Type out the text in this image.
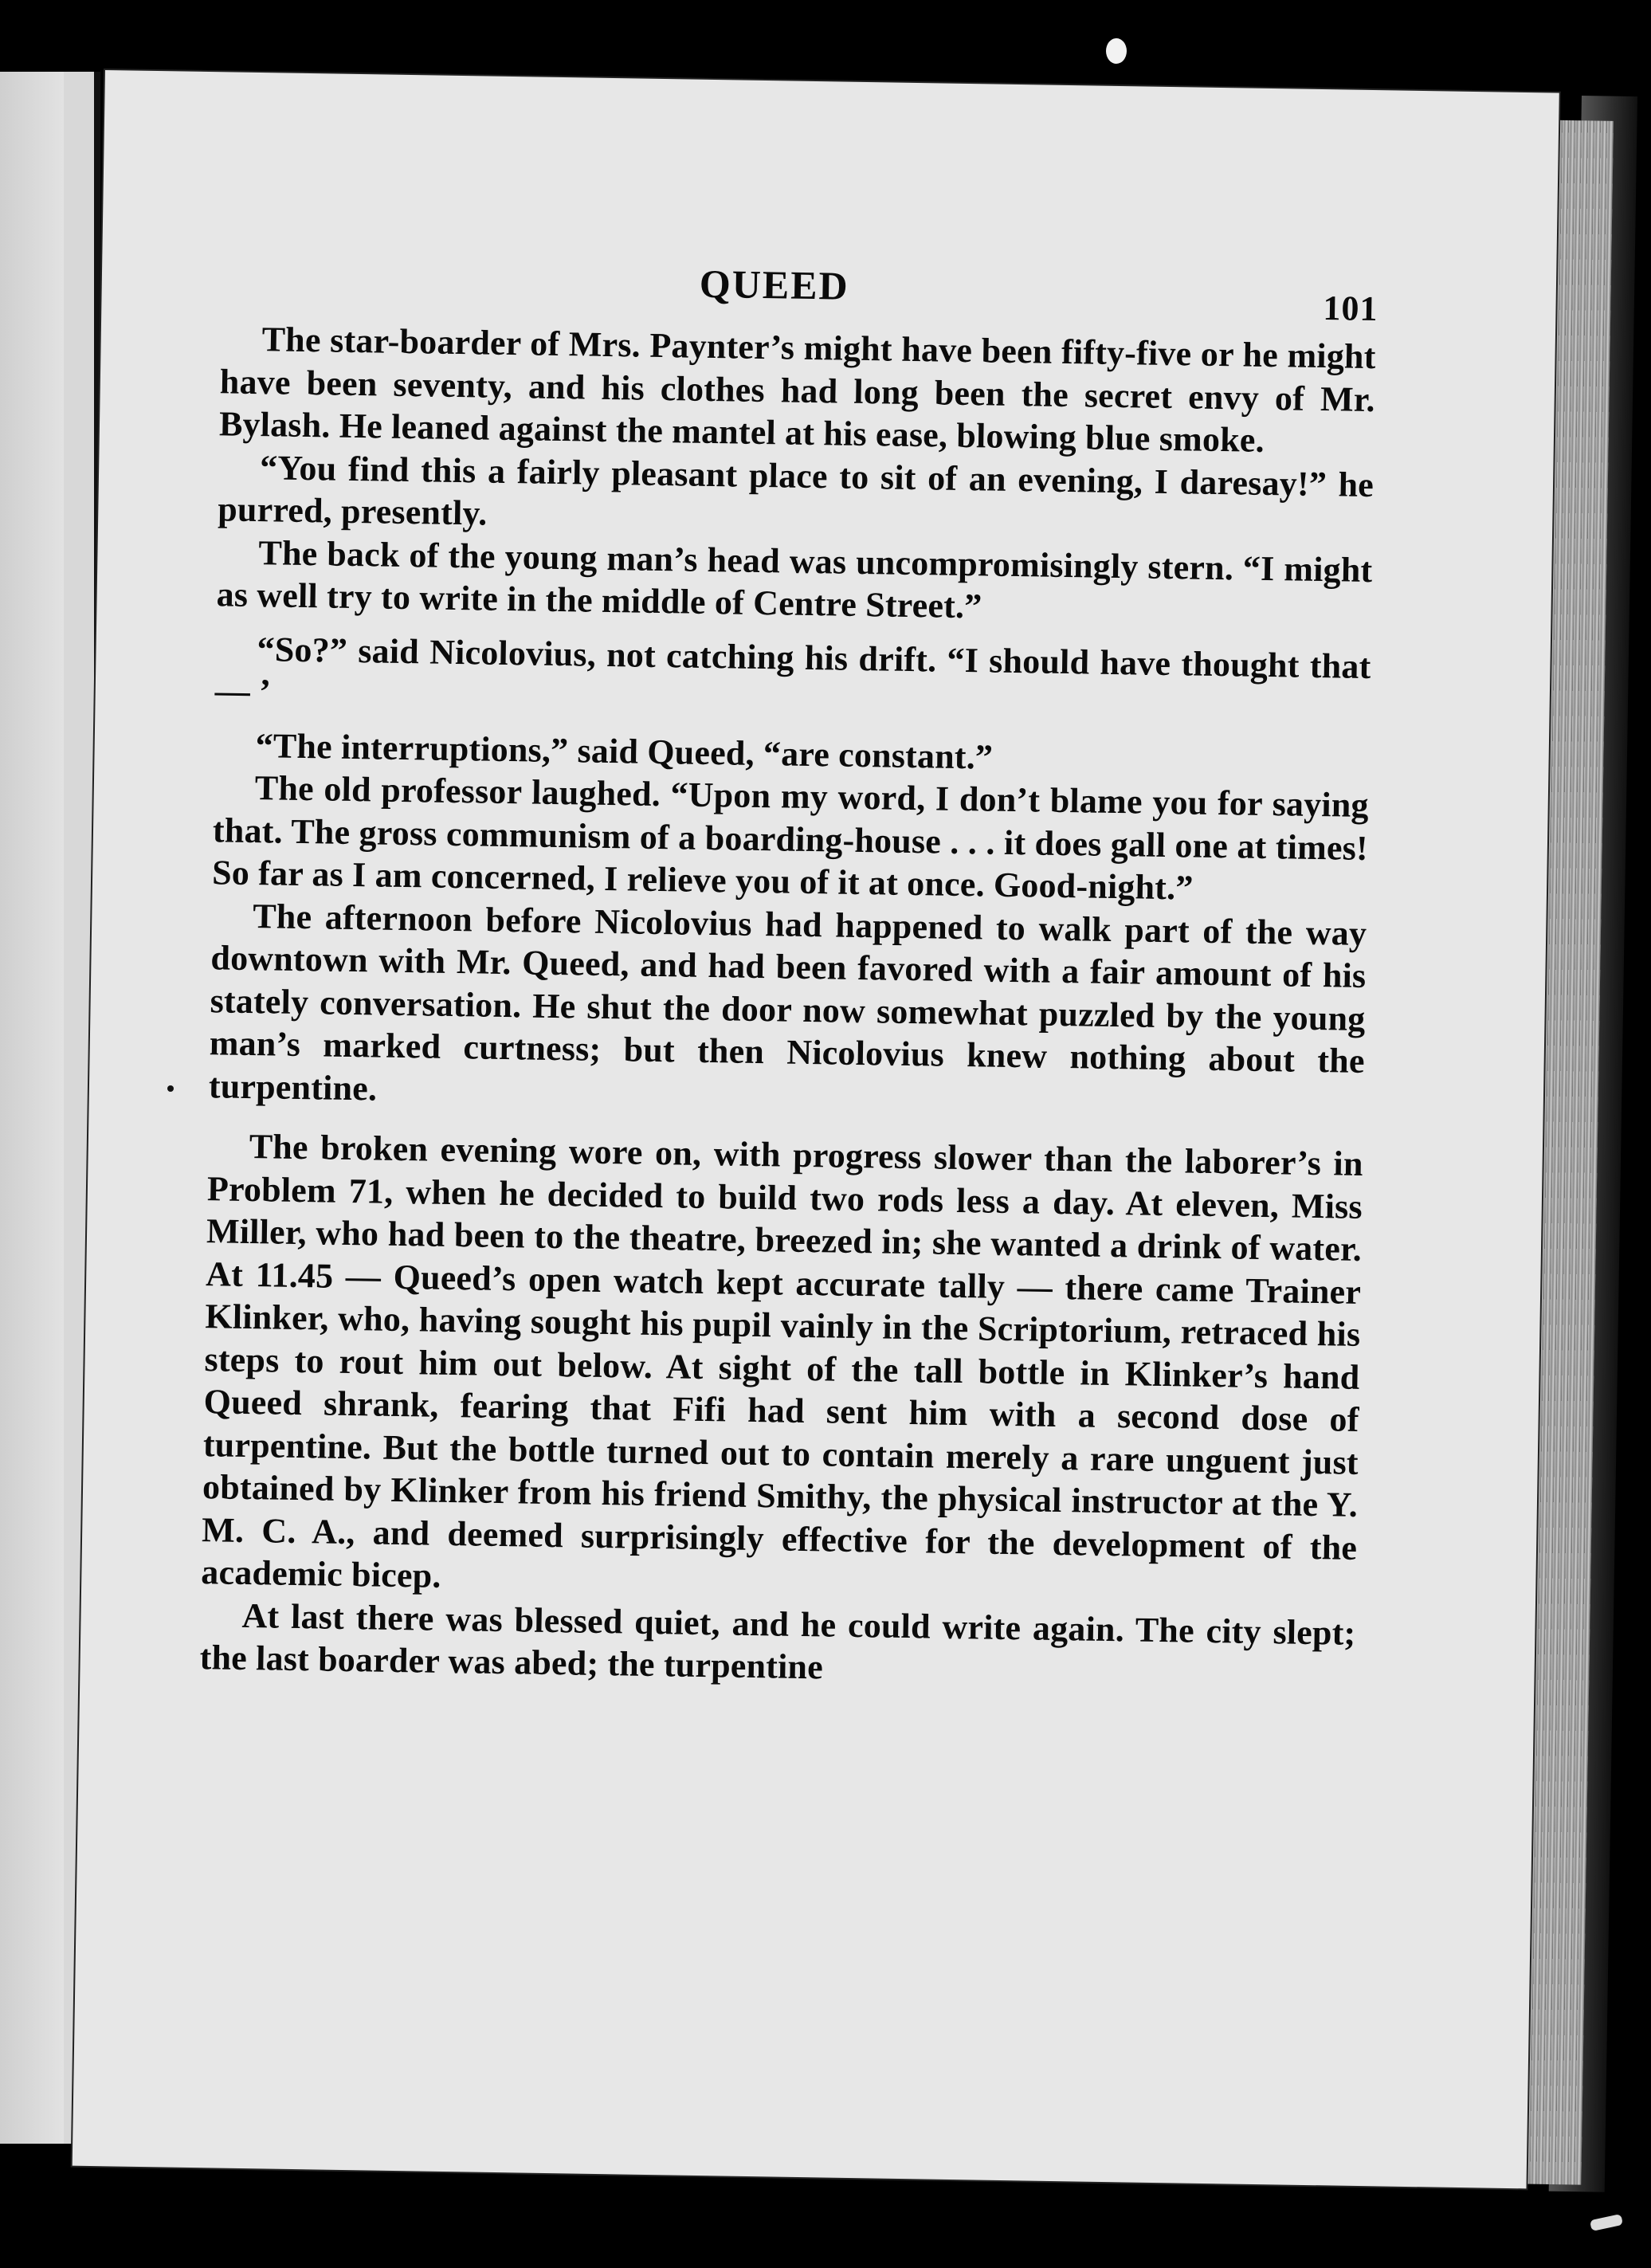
QUEED
101

The star-boarder of Mrs. Paynter’s might have been fifty-five or he might have been seventy, and his clothes had long been the secret envy of Mr. Bylash. He leaned against the mantel at his ease, blowing blue smoke.

“You find this a fairly pleasant place to sit of an evening, I daresay!” he purred, presently.

The back of the young man’s head was uncompromisingly stern. “I might as well try to write in the middle of Centre Street.”

“So?” said Nicolovius, not catching his drift. “I should have thought that — ’

“The interruptions,” said Queed, “are constant.”

The old professor laughed. “Upon my word, I don’t blame you for saying that. The gross communism of a boarding-house . . . it does gall one at times! So far as I am concerned, I relieve you of it at once. Good-night.”

The afternoon before Nicolovius had happened to walk part of the way downtown with Mr. Queed, and had been favored with a fair amount of his stately conversation. He shut the door now somewhat puzzled by the young man’s marked curtness; but then Nicolovius knew nothing about the turpentine.

The broken evening wore on, with progress slower than the laborer’s in Problem 71, when he decided to build two rods less a day. At eleven, Miss Miller, who had been to the theatre, breezed in; she wanted a drink of water. At 11.45 — Queed’s open watch kept accurate tally — there came Trainer Klinker, who, having sought his pupil vainly in the Scriptorium, retraced his steps to rout him out below. At sight of the tall bottle in Klinker’s hand Queed shrank, fearing that Fifi had sent him with a second dose of turpentine. But the bottle turned out to contain merely a rare unguent just obtained by Klinker from his friend Smithy, the physical instructor at the Y. M. C. A., and deemed surprisingly effective for the development of the academic bicep.

At last there was blessed quiet, and he could write again. The city slept; the last boarder was abed; the turpentine
